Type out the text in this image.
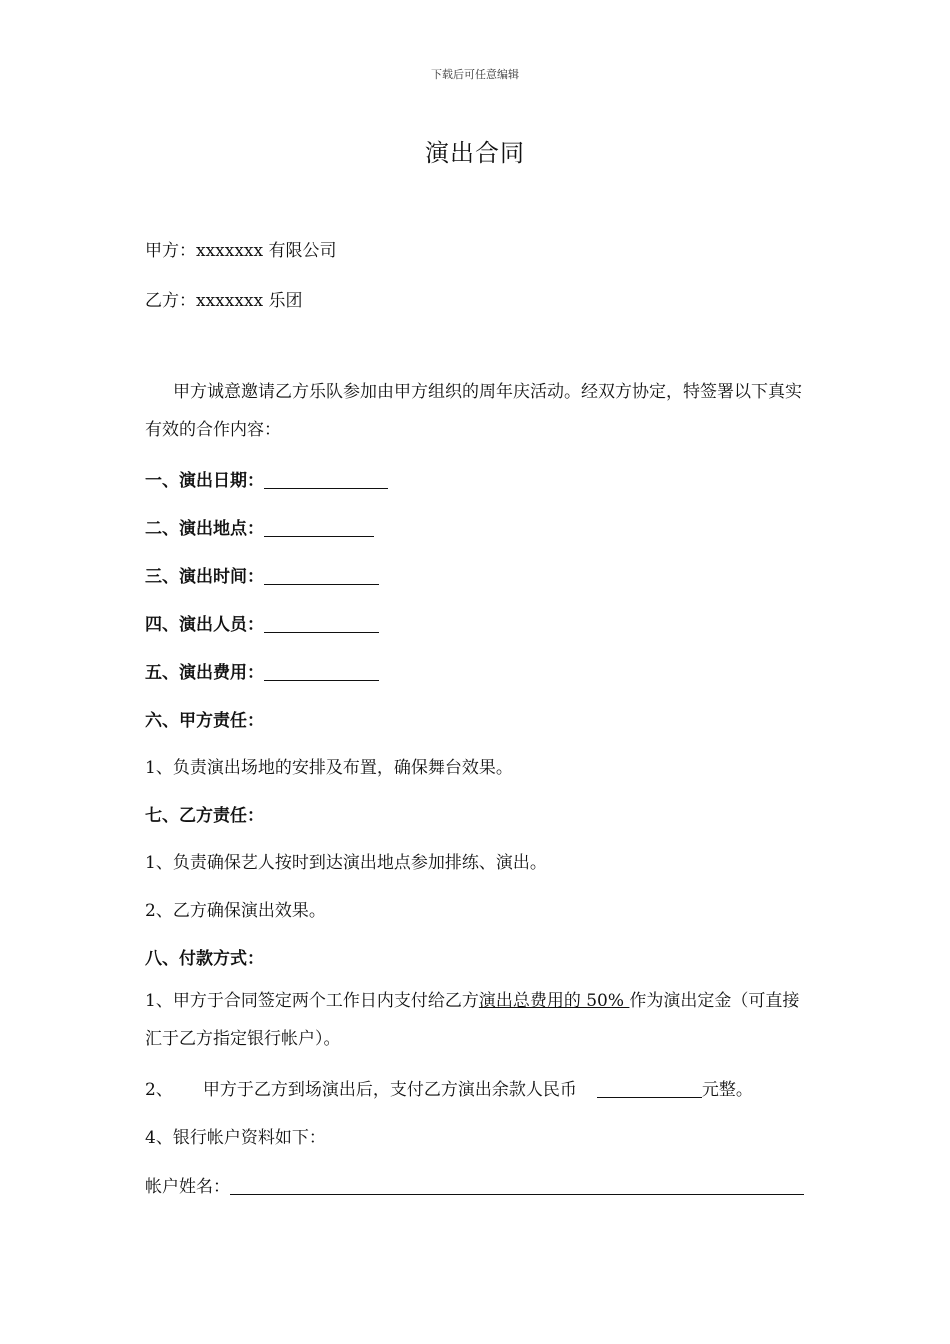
下载后可任意编辑
演出合同
甲方：xxxxxxx 有限公司
乙方：xxxxxxx 乐团
甲方诚意邀请乙方乐队参加由甲方组织的周年庆活动。经双方协定，特签署以下真实有效的合作内容：
一、演出日期：
二、演出地点：
三、演出时间：
四、演出人员：
五、演出费用：
六、甲方责任：
1、负责演出场地的安排及布置，确保舞台效果。
七、乙方责任：
1、负责确保艺人按时到达演出地点参加排练、演出。
2、乙方确保演出效果。
八、付款方式：
1、甲方于合同签定两个工作日内支付给乙方演出总费用的 50% 作为演出定金（可直接汇于乙方指定银行帐户）。
2、 甲方于乙方到场演出后，支付乙方演出余款人民币	元整。
4、银行帐户资料如下：
帐户姓名：
